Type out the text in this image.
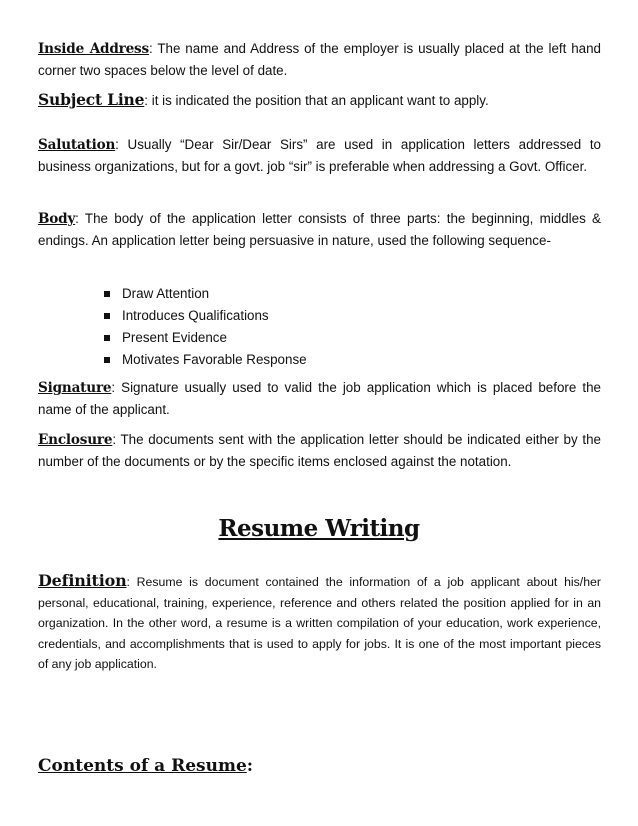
Inside Address: The name and Address of the employer is usually placed at the left hand corner two spaces below the level of date.
Subject Line: it is indicated the position that an applicant want to apply.
Salutation: Usually “Dear Sir/Dear Sirs” are used in application letters addressed to business organizations, but for a govt. job “sir” is preferable when addressing a Govt. Officer.
Body: The body of the application letter consists of three parts: the beginning, middles & endings. An application letter being persuasive in nature, used the following sequence-
Draw Attention
Introduces Qualifications
Present Evidence
Motivates Favorable Response
Signature: Signature usually used to valid the job application which is placed before the name of the applicant.
Enclosure: The documents sent with the application letter should be indicated either by the number of the documents or by the specific items enclosed against the notation.
Resume Writing
Definition: Resume is document contained the information of a job applicant about his/her personal, educational, training, experience, reference and others related the position applied for in an organization. In the other word, a resume is a written compilation of your education, work experience, credentials, and accomplishments that is used to apply for jobs. It is one of the most important pieces of any job application.
Contents of a Resume:
